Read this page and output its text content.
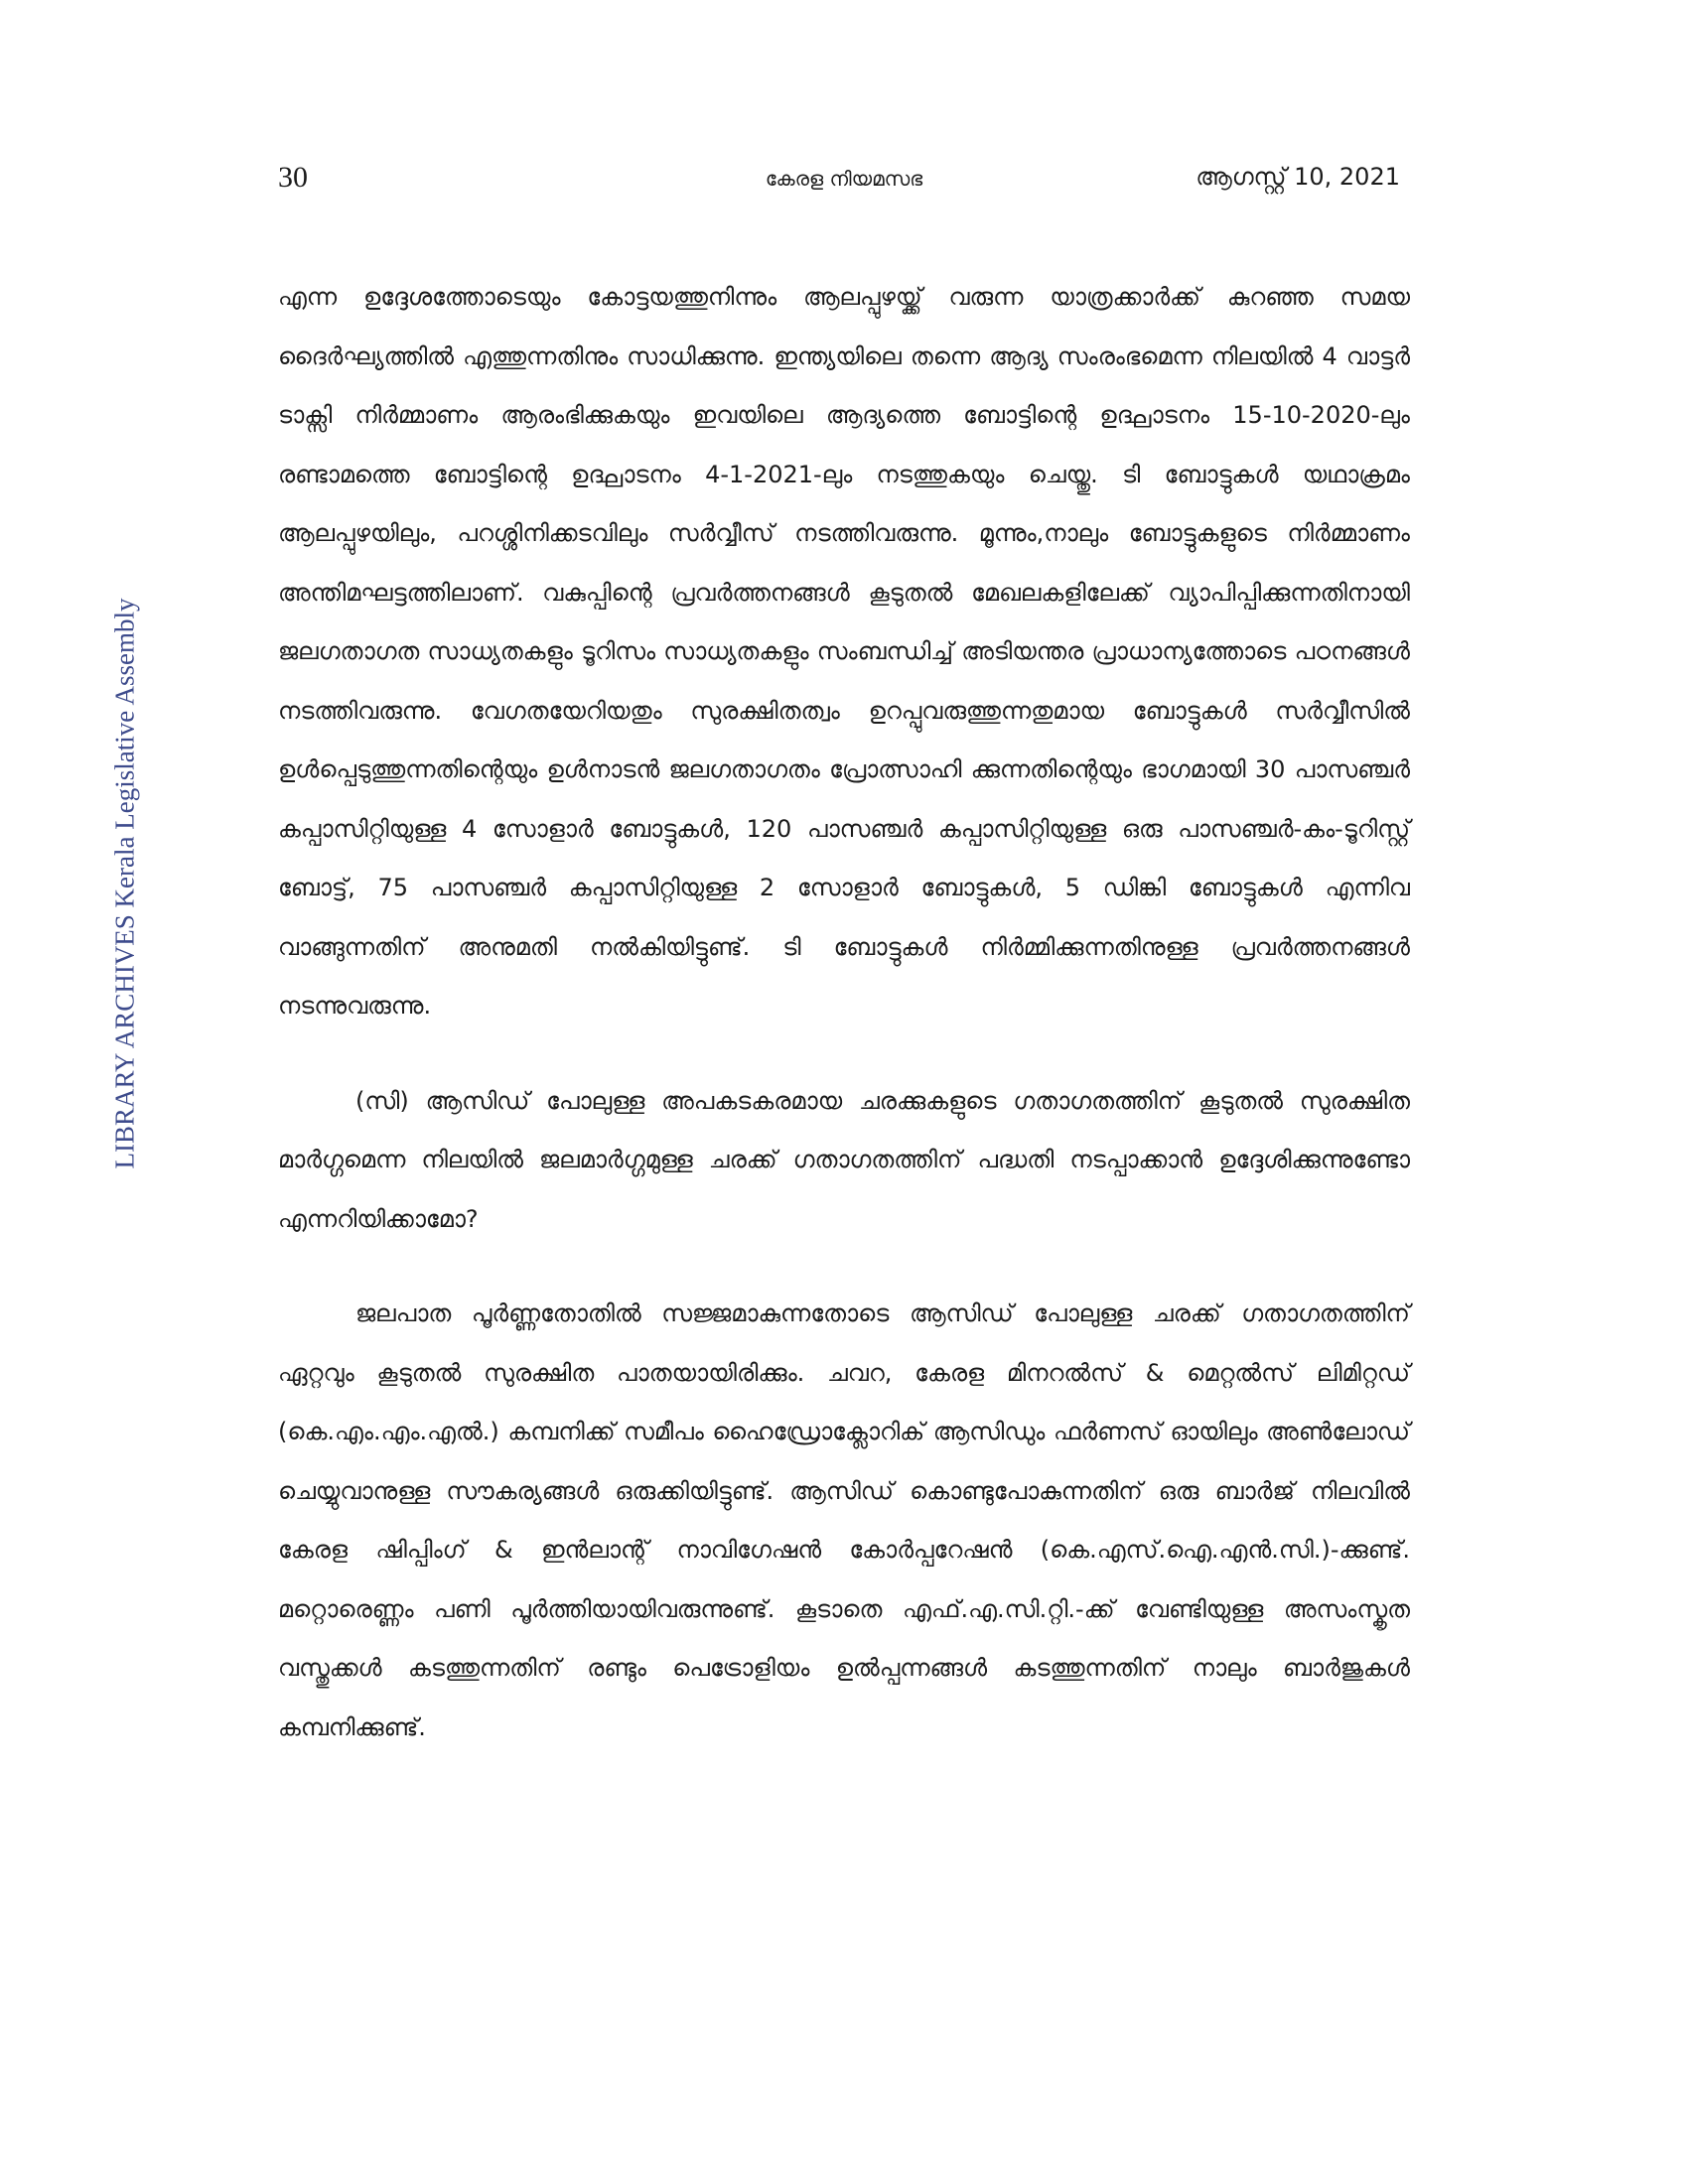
30	കേരള നിയമസഭ	ആഗസ്റ്റ് 10, 2021
LIBRARY ARCHIVES Kerala Legislative Assembly

എന്ന ഉദ്ദേശത്തോടെയും കോട്ടയത്തുനിന്നും ആലപ്പുഴയ്ക്ക് വരുന്ന യാത്രക്കാർക്ക് കുറഞ്ഞ സമയ ദൈർഘ്യത്തിൽ എത്തുന്നതിനും സാധിക്കുന്നു. ഇന്ത്യയിലെ തന്നെ ആദ്യ സംരംഭമെന്ന നിലയിൽ 4 വാട്ടർ ടാക്സി നിർമ്മാണം ആരംഭിക്കുകയും ഇവയിലെ ആദ്യത്തെ ബോട്ടിന്റെ ഉദ്ഘാടനം 15-10-2020-ലും രണ്ടാമത്തെ ബോട്ടിന്റെ ഉദ്ഘാടനം 4-1-2021-ലും നടത്തുകയും ചെയ്തു. ടി ബോട്ടുകൾ യഥാക്രമം ആലപ്പുഴയിലും, പറശ്ശിനിക്കടവിലും സർവ്വീസ് നടത്തിവരുന്നു. മൂന്നും,നാലും ബോട്ടുകളുടെ നിർമ്മാണം അന്തിമഘട്ടത്തിലാണ്. വകുപ്പിന്റെ പ്രവർത്തനങ്ങൾ കൂടുതൽ മേഖലകളിലേക്ക് വ്യാപിപ്പിക്കുന്നതിനായി ജലഗതാഗത സാധ്യതകളും ടൂറിസം സാധ്യതകളും സംബന്ധിച്ച് അടിയന്തര പ്രാധാന്യത്തോടെ പഠനങ്ങൾ നടത്തിവരുന്നു. വേഗതയേറിയതും സുരക്ഷിതത്വം ഉറപ്പുവരുത്തുന്നതുമായ ബോട്ടുകൾ സർവ്വീസിൽ ഉൾപ്പെടുത്തുന്നതിന്റെയും ഉൾനാടൻ ജലഗതാഗതം പ്രോത്സാഹി ക്കുന്നതിന്റെയും ഭാഗമായി 30 പാസഞ്ചർ കപ്പാസിറ്റിയുള്ള 4 സോളാർ ബോട്ടുകൾ, 120 പാസഞ്ചർ കപ്പാസിറ്റിയുള്ള ഒരു പാസഞ്ചർ-കം-ടൂറിസ്റ്റ് ബോട്ട്, 75 പാസഞ്ചർ കപ്പാസിറ്റിയുള്ള 2 സോളാർ ബോട്ടുകൾ, 5 ഡിങ്കി ബോട്ടുകൾ എന്നിവ വാങ്ങുന്നതിന് അനുമതി നൽകിയിട്ടുണ്ട്. ടി ബോട്ടുകൾ നിർമ്മിക്കുന്നതിനുള്ള പ്രവർത്തനങ്ങൾ നടന്നുവരുന്നു.

(സി) ആസിഡ് പോലുള്ള അപകടകരമായ ചരക്കുകളുടെ ഗതാഗതത്തിന് കൂടുതൽ സുരക്ഷിത മാർഗ്ഗമെന്ന നിലയിൽ ജലമാർഗ്ഗമുള്ള ചരക്ക് ഗതാഗതത്തിന് പദ്ധതി നടപ്പാക്കാൻ ഉദ്ദേശിക്കുന്നുണ്ടോ എന്നറിയിക്കാമോ?

ജലപാത പൂർണ്ണതോതിൽ സജ്ജമാകുന്നതോടെ ആസിഡ് പോലുള്ള ചരക്ക് ഗതാഗതത്തിന് ഏറ്റവും കൂടുതൽ സുരക്ഷിത പാതയായിരിക്കും. ചവറ, കേരള മിനറൽസ് & മെറ്റൽസ് ലിമിറ്റഡ് (കെ.എം.എം.എൽ.) കമ്പനിക്ക് സമീപം ഹൈഡ്രോക്ലോറിക് ആസിഡും ഫർണസ് ഓയിലും അൺലോഡ് ചെയ്യുവാനുള്ള സൗകര്യങ്ങൾ ഒരുക്കിയിട്ടുണ്ട്. ആസിഡ് കൊണ്ടുപോകുന്നതിന് ഒരു ബാർജ് നിലവിൽ കേരള ഷിപ്പിംഗ് & ഇൻലാന്റ് നാവിഗേഷൻ കോർപ്പറേഷൻ (കെ.എസ്.ഐ.എൻ.സി.)-ക്കുണ്ട്. മറ്റൊരെണ്ണം പണി പൂർത്തിയായിവരുന്നുണ്ട്. കൂടാതെ എഫ്.എ.സി.റ്റി.-ക്ക് വേണ്ടിയുള്ള അസംസ്കൃത വസ്തുക്കൾ കടത്തുന്നതിന് രണ്ടും പെട്രോളിയം ഉൽപ്പന്നങ്ങൾ കടത്തുന്നതിന് നാലും ബാർജുകൾ കമ്പനിക്കുണ്ട്.
